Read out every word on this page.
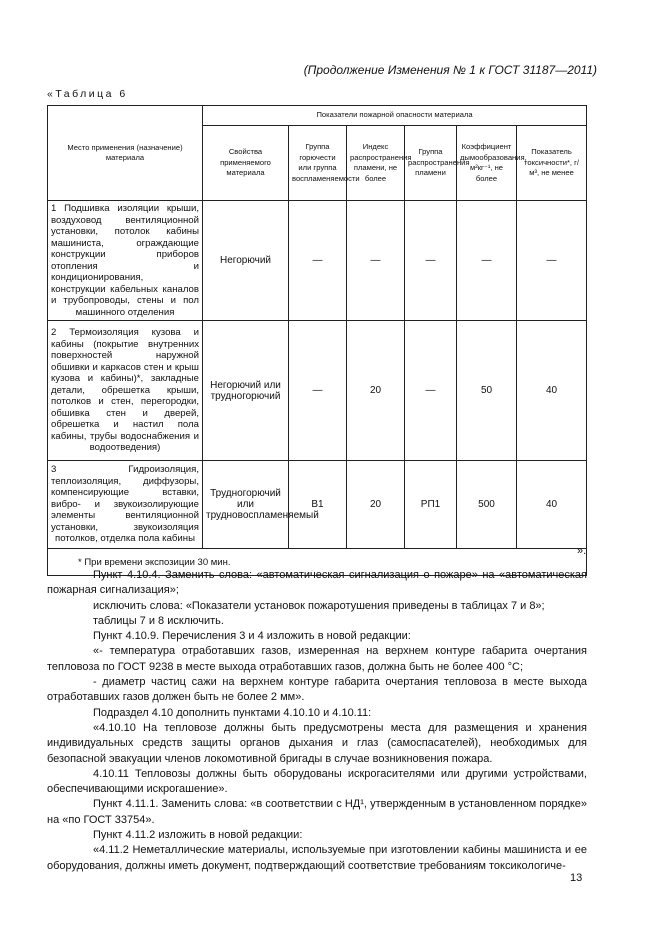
(Продолжение Изменения № 1 к ГОСТ 31187—2011)
«Таблица 6
Место применения (назначение) материала	Показатели пожарной опасности материала					
	Свойства применяемого материала	Группа горючести или группа воспламеняемости	Индекс распространения пламени, не более	Группа распространения пламени	Коэффициент дымообразования, м²кг⁻¹, не более	Показатель токсичности*, г/м³, не менее
1 Подшивка изоляции крыши, воздуховод вентиляционной установки, потолок кабины машиниста, ограждающие конструкции приборов отопления и кондиционирования, конструкции кабельных каналов и трубопроводы, стены и пол машинного отделения	Негорючий	—	—	—	—	—
2 Термоизоляция кузова и кабины (покрытие внутренних поверхностей наружной обшивки и каркасов стен и крыш кузова и кабины)*, закладные детали, обрешетка крыши, потолков и стен, перегородки, обшивка стен и дверей, обрешетка и настил пола кабины, трубы водоснабжения и водоотведения)	Негорючий или трудногорючий	—	20	—	50	40
3 Гидроизоляция, теплоизоляция, диффузоры, компенсирующие вставки, вибро- и звукоизолирующие элементы вентиляционной установки, звукоизоляция потолков, отделка пола кабины	Трудногорючий или трудновоспламеняемый	В1	20	РП1	500	40
* При времени экспозиции 30 мин.						
».

Пункт 4.10.4. Заменить слова: «автоматическая сигнализация о пожаре» на «автоматическая пожарная сигнализация»;

исключить слова: «Показатели установок пожаротушения приведены в таблицах 7 и 8»;

таблицы 7 и 8 исключить.

Пункт 4.10.9. Перечисления 3 и 4 изложить в новой редакции:

«- температура отработавших газов, измеренная на верхнем контуре габарита очертания тепловоза по ГОСТ 9238 в месте выхода отработавших газов, должна быть не более 400 °С;

- диаметр частиц сажи на верхнем контуре габарита очертания тепловоза в месте выхода отработавших газов должен быть не более 2 мм».

Подраздел 4.10 дополнить пунктами 4.10.10 и 4.10.11:

«4.10.10 На тепловозе должны быть предусмотрены места для размещения и хранения индивидуальных средств защиты органов дыхания и глаз (самоспасателей), необходимых для безопасной эвакуации членов локомотивной бригады в случае возникновения пожара.

4.10.11 Тепловозы должны быть оборудованы искрогасителями или другими устройствами, обеспечивающими искрогашение».

Пункт 4.11.1. Заменить слова: «в соответствии с НД¹, утвержденным в установленном порядке» на «по ГОСТ 33754».

Пункт 4.11.2 изложить в новой редакции:

«4.11.2 Неметаллические материалы, используемые при изготовлении кабины машиниста и ее оборудования, должны иметь документ, подтверждающий соответствие требованиям токсикологиче-

13
